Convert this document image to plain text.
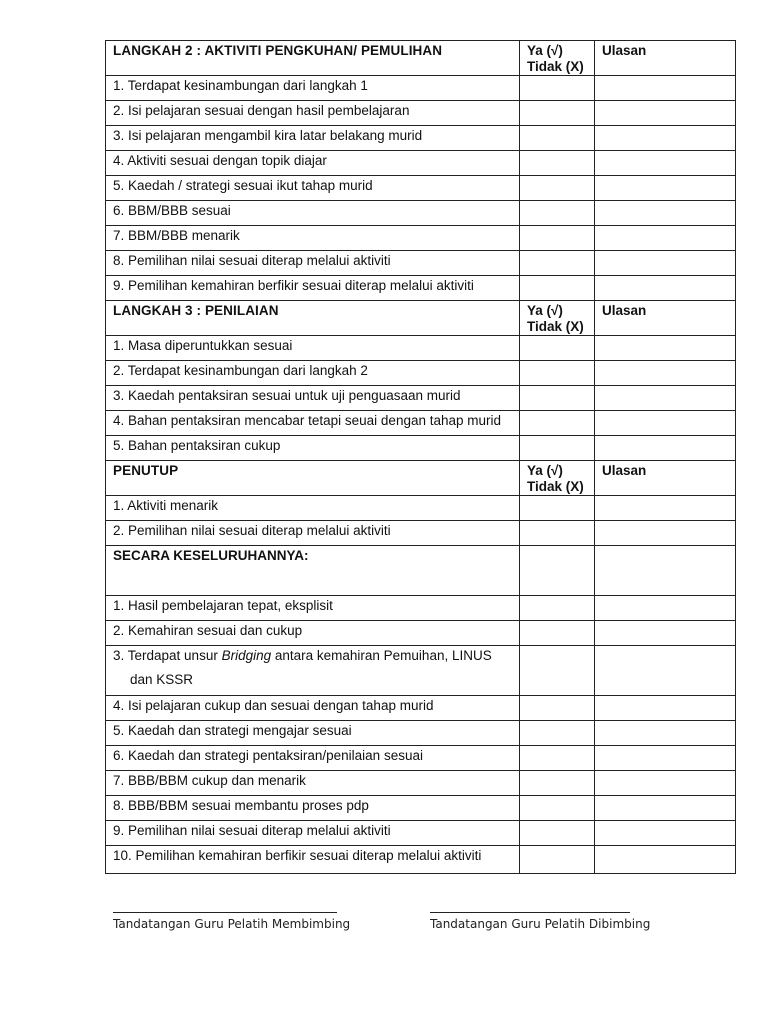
LANGKAH 2 : AKTIVITI PENGKUHAN/ PEMULIHAN	Ya (√)
Tidak (X)	Ulasan
1. Terdapat kesinambungan dari langkah 1		
2. Isi pelajaran sesuai dengan hasil pembelajaran		
3. Isi pelajaran mengambil kira latar belakang murid		
4. Aktiviti sesuai dengan topik diajar		
5. Kaedah / strategi sesuai ikut tahap murid		
6. BBM/BBB sesuai		
7. BBM/BBB menarik		
8. Pemilihan nilai sesuai diterap melalui aktiviti		
9. Pemilihan kemahiran berfikir sesuai diterap melalui aktiviti		
LANGKAH 3 : PENILAIAN	Ya (√)
Tidak (X)	Ulasan
1. Masa diperuntukkan sesuai		
2. Terdapat kesinambungan dari langkah 2		
3. Kaedah pentaksiran sesuai untuk uji penguasaan murid		
4. Bahan pentaksiran mencabar tetapi seuai dengan tahap murid		
5. Bahan pentaksiran cukup		
PENUTUP	Ya (√)
Tidak (X)	Ulasan
1. Aktiviti menarik		
2. Pemilihan nilai sesuai diterap melalui aktiviti		
SECARA KESELURUHANNYA:		
1. Hasil pembelajaran tepat, eksplisit		
2. Kemahiran sesuai dan cukup		
3. Terdapat unsur Bridging antara kemahiran Pemuihan, LINUS
dan KSSR		

4. Isi pelajaran cukup dan sesuai dengan tahap murid		
5. Kaedah dan strategi mengajar sesuai		
6. Kaedah dan strategi pentaksiran/penilaian sesuai		
7. BBB/BBM cukup dan menarik		
8. BBB/BBM sesuai membantu proses pdp		
9. Pemilihan nilai sesuai diterap melalui aktiviti		
10. Pemilihan kemahiran berfikir sesuai diterap melalui aktiviti		
Tandatangan Guru Pelatih Membimbing	Tandatangan Guru Pelatih Dibimbing
